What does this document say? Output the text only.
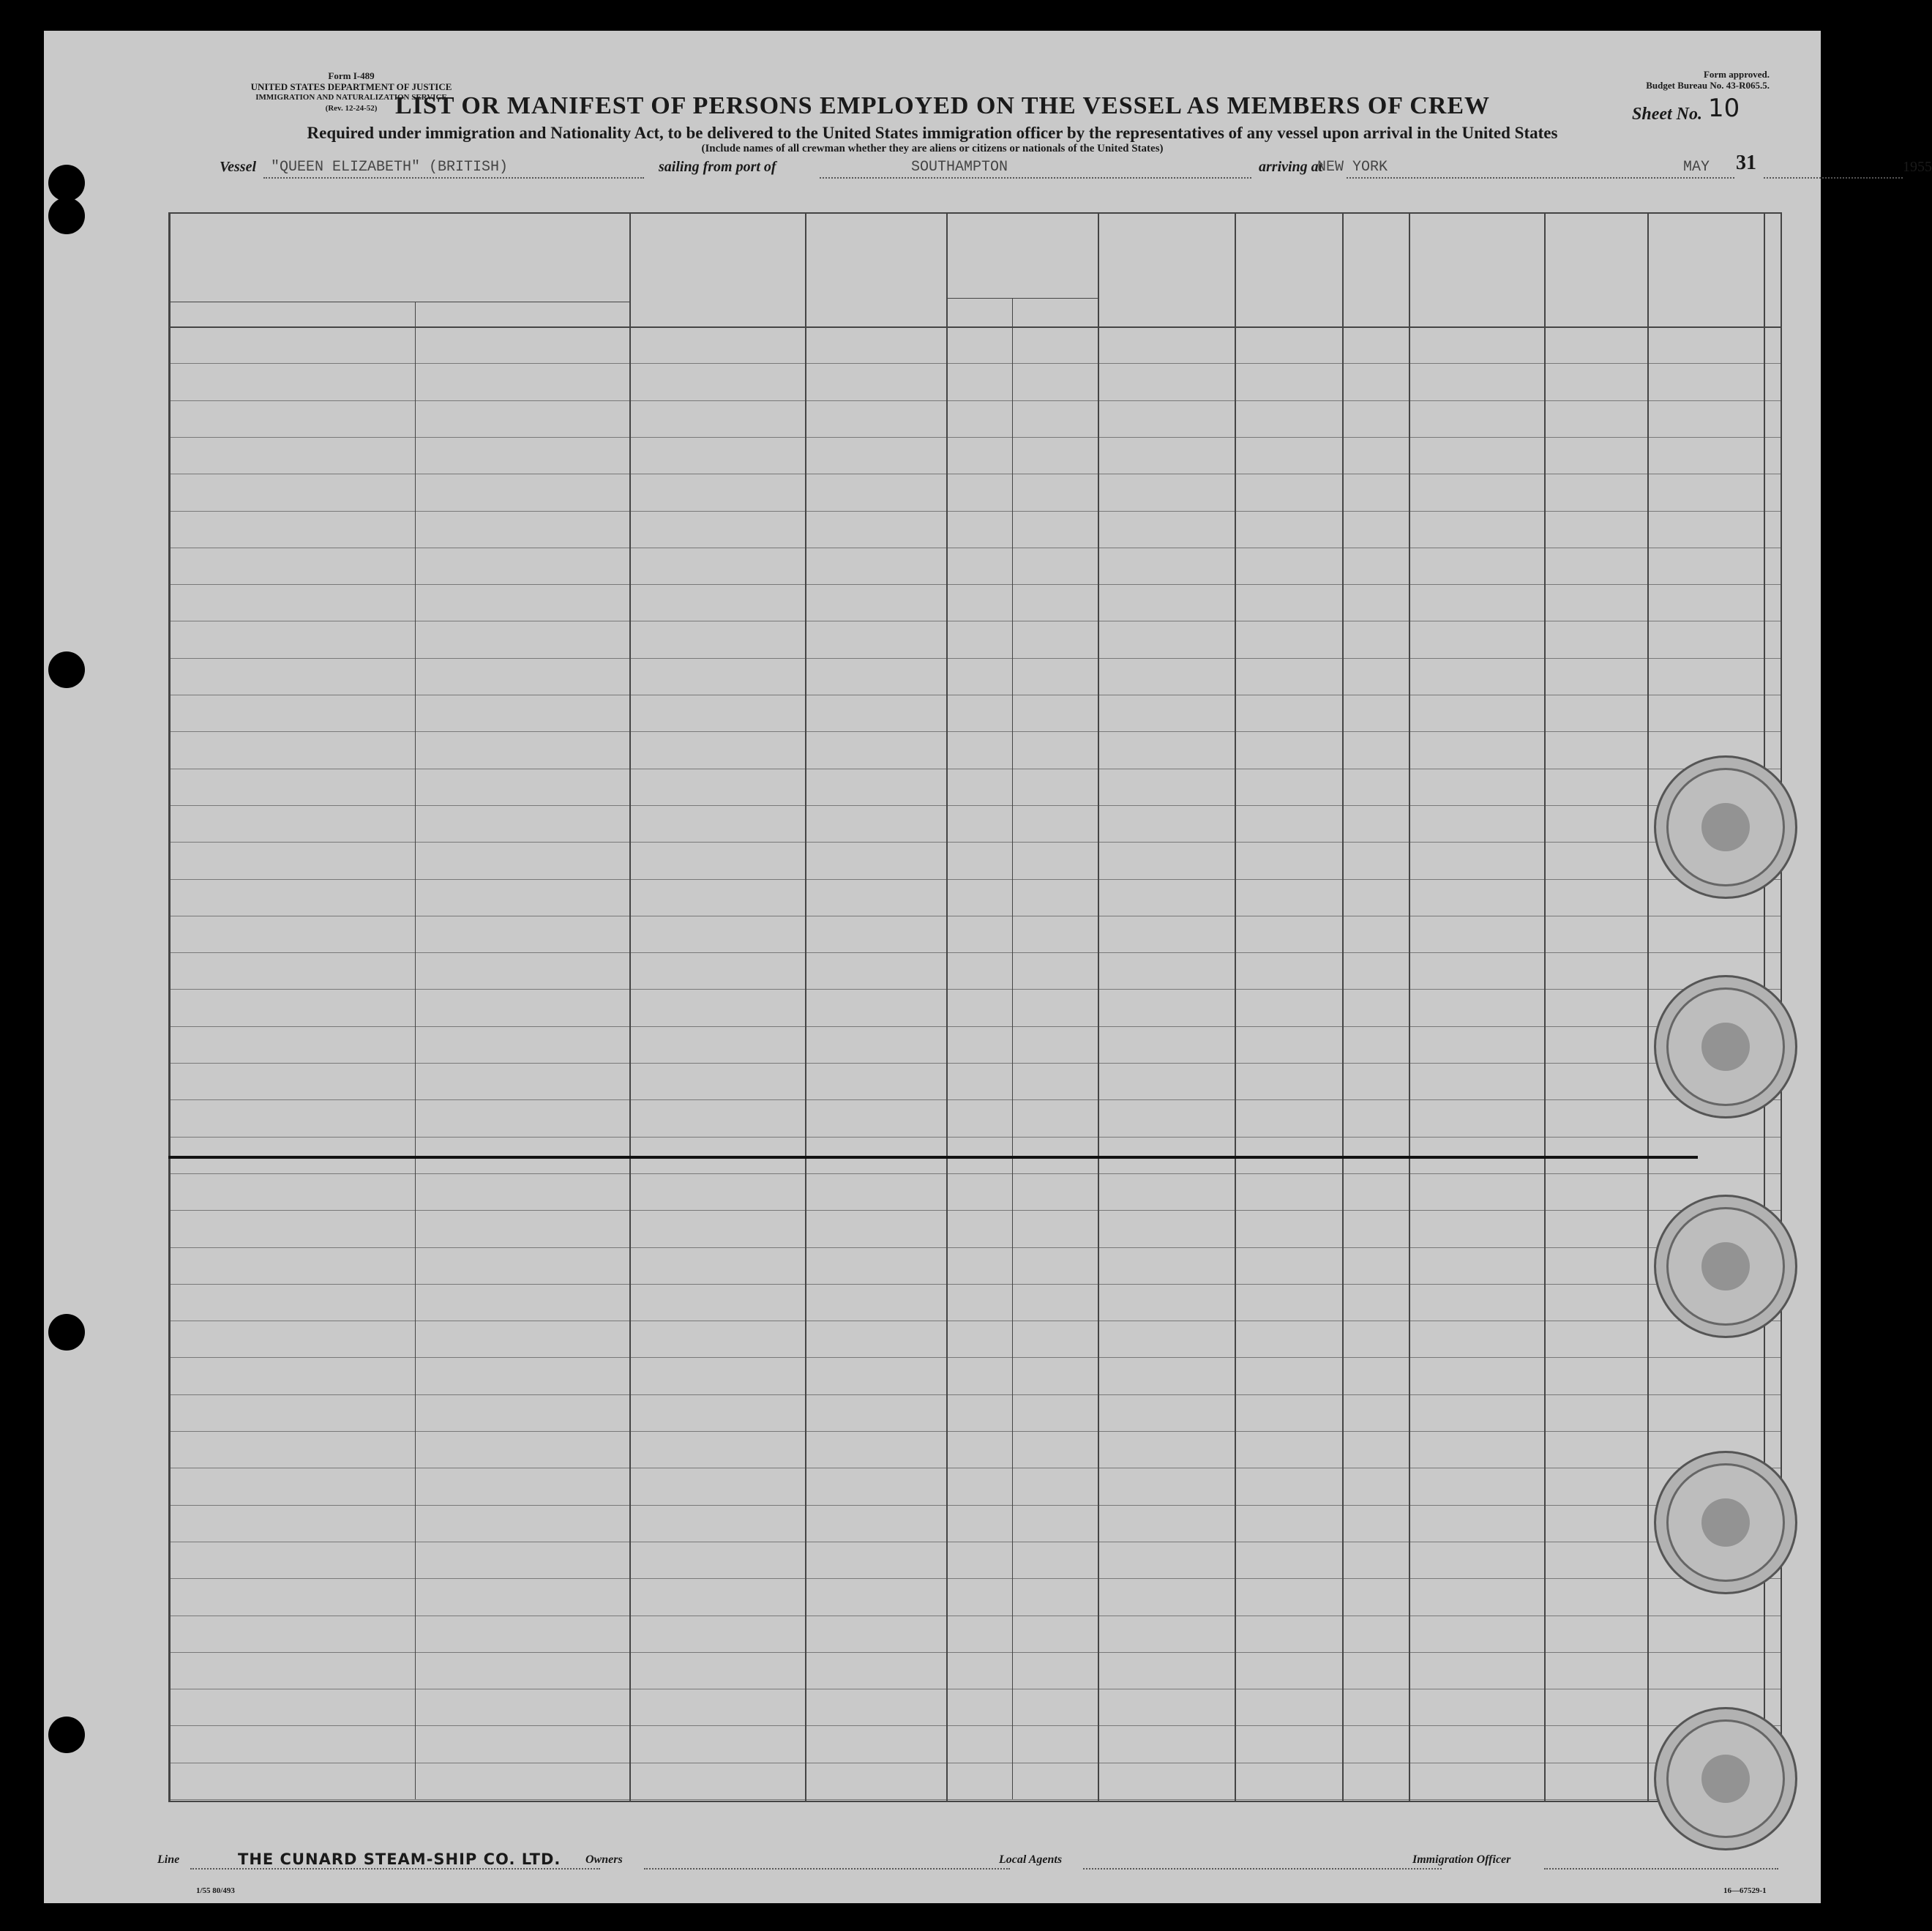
Form I-489
UNITED STATES DEPARTMENT OF JUSTICE
IMMIGRATION AND NATURALIZATION SERVICE
(Rev. 12-24-52)
Form approved.
Budget Bureau No. 43-R065.5.
LIST OR MANIFEST OF PERSONS EMPLOYED ON THE VESSEL AS MEMBERS OF CREW	Sheet No. 10
Required under immigration and Nationality Act, to be delivered to the United States immigration officer by the representatives of any vessel upon arrival in the United States
(Include names of all crewman whether they are aliens or citizens or nationals of the United States)
Vessel "QUEEN ELIZABETH" (BRITISH)	sailing from port of	SOUTHAMPTON	arriving at
NEW YORK	MAY 31	1955
Line	THE CUNARD STEAM-SHIP CO. LTD. Owners	Local Agents	Immigration Officer
1/55 80/493	16—67529-1
